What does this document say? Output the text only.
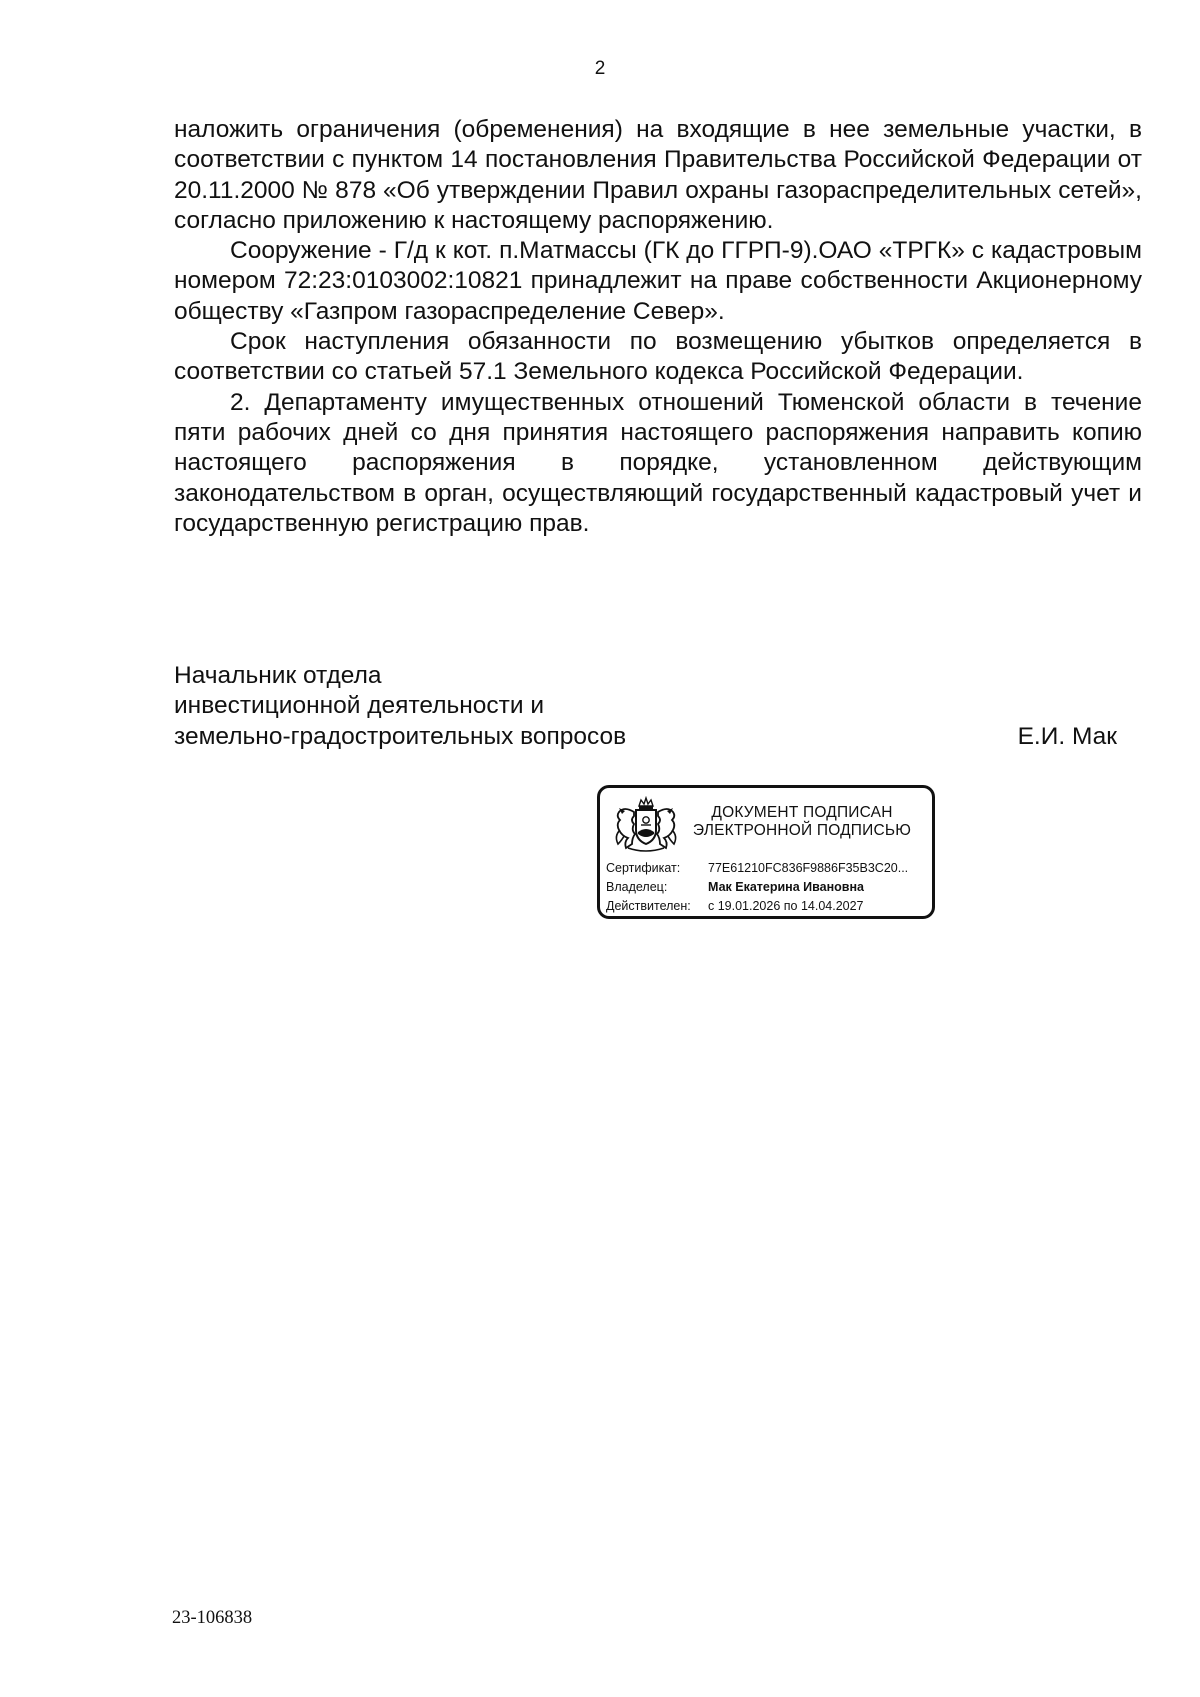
2

наложить ограничения (обременения) на входящие в нее земельные участки, в соответствии с пунктом 14 постановления Правительства Российской Федерации от 20.11.2000 № 878 «Об утверждении Правил охраны газораспределительных сетей», согласно приложению к настоящему распоряжению.

Сооружение - Г/д к кот. п.Матмассы (ГК до ГГРП-9).ОАО «ТРГК» с кадастровым номером 72:23:0103002:10821 принадлежит на праве собственности Акционерному обществу «Газпром газораспределение Север».

Срок наступления обязанности по возмещению убытков определяется в соответствии со статьей 57.1 Земельного кодекса Российской Федерации.

2. Департаменту имущественных отношений Тюменской области в течение пяти рабочих дней со дня принятия настоящего распоряжения направить копию настоящего распоряжения в порядке, установленном действующим законодательством в орган, осуществляющий государственный кадастровый учет и государственную регистрацию прав.

Начальник отдела
инвестиционной деятельности и
земельно-градостроительных вопросов	Е.И. Мак
ДОКУМЕНТ ПОДПИСАН
ЭЛЕКТРОННОЙ ПОДПИСЬЮ
Сертификат: 77E61210FC836F9886F35B3C20...
Владелец:	Мак Екатерина Ивановна
Действителен: с 19.01.2026 по 14.04.2027
23-106838
